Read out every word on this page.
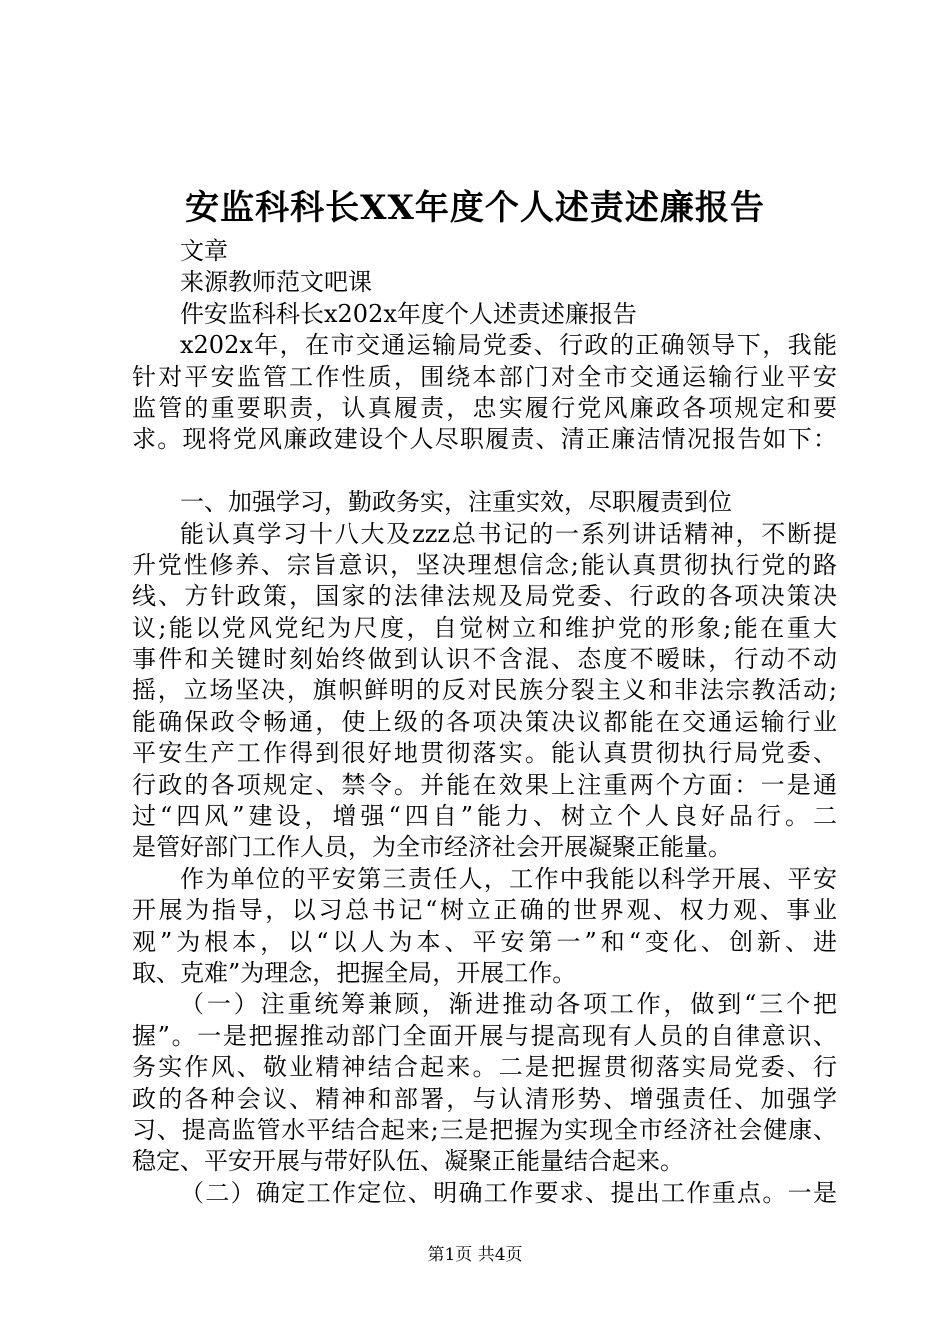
安监科科长XX年度个人述责述廉报告
文章
来源教师范文吧课
件安监科科长x202x年度个人述责述廉报告
x202x年，在市交通运输局党委、行政的正确领导下，我能
针对平安监管工作性质，围绕本部门对全市交通运输行业平安
监管的重要职责，认真履责，忠实履行党风廉政各项规定和要
求。现将党风廉政建设个人尽职履责、清正廉洁情况报告如下：
一、加强学习，勤政务实，注重实效，尽职履责到位
能认真学习十八大及zzz总书记的一系列讲话精神，不断提
升党性修养、宗旨意识，坚决理想信念;能认真贯彻执行党的路
线、方针政策，国家的法律法规及局党委、行政的各项决策决
议;能以党风党纪为尺度，自觉树立和维护党的形象;能在重大
事件和关键时刻始终做到认识不含混、态度不暧昧，行动不动
摇，立场坚决，旗帜鲜明的反对民族分裂主义和非法宗教活动;
能确保政令畅通，使上级的各项决策决议都能在交通运输行业
平安生产工作得到很好地贯彻落实。能认真贯彻执行局党委、
行政的各项规定、禁令。并能在效果上注重两个方面：一是通
过“四风”建设，增强“四自”能力、树立个人良好品行。二
是管好部门工作人员，为全市经济社会开展凝聚正能量。
作为单位的平安第三责任人，工作中我能以科学开展、平安
开展为指导，以习总书记“树立正确的世界观、权力观、事业
观”为根本，以“以人为本、平安第一”和“变化、创新、进
取、克难”为理念，把握全局，开展工作。
（一）注重统筹兼顾，渐进推动各项工作，做到“三个把
握”。一是把握推动部门全面开展与提高现有人员的自律意识、
务实作风、敬业精神结合起来。二是把握贯彻落实局党委、行
政的各种会议、精神和部署，与认清形势、增强责任、加强学
习、提高监管水平结合起来;三是把握为实现全市经济社会健康、
稳定、平安开展与带好队伍、凝聚正能量结合起来。
（二）确定工作定位、明确工作要求、提出工作重点。一是
第1页 共4页
